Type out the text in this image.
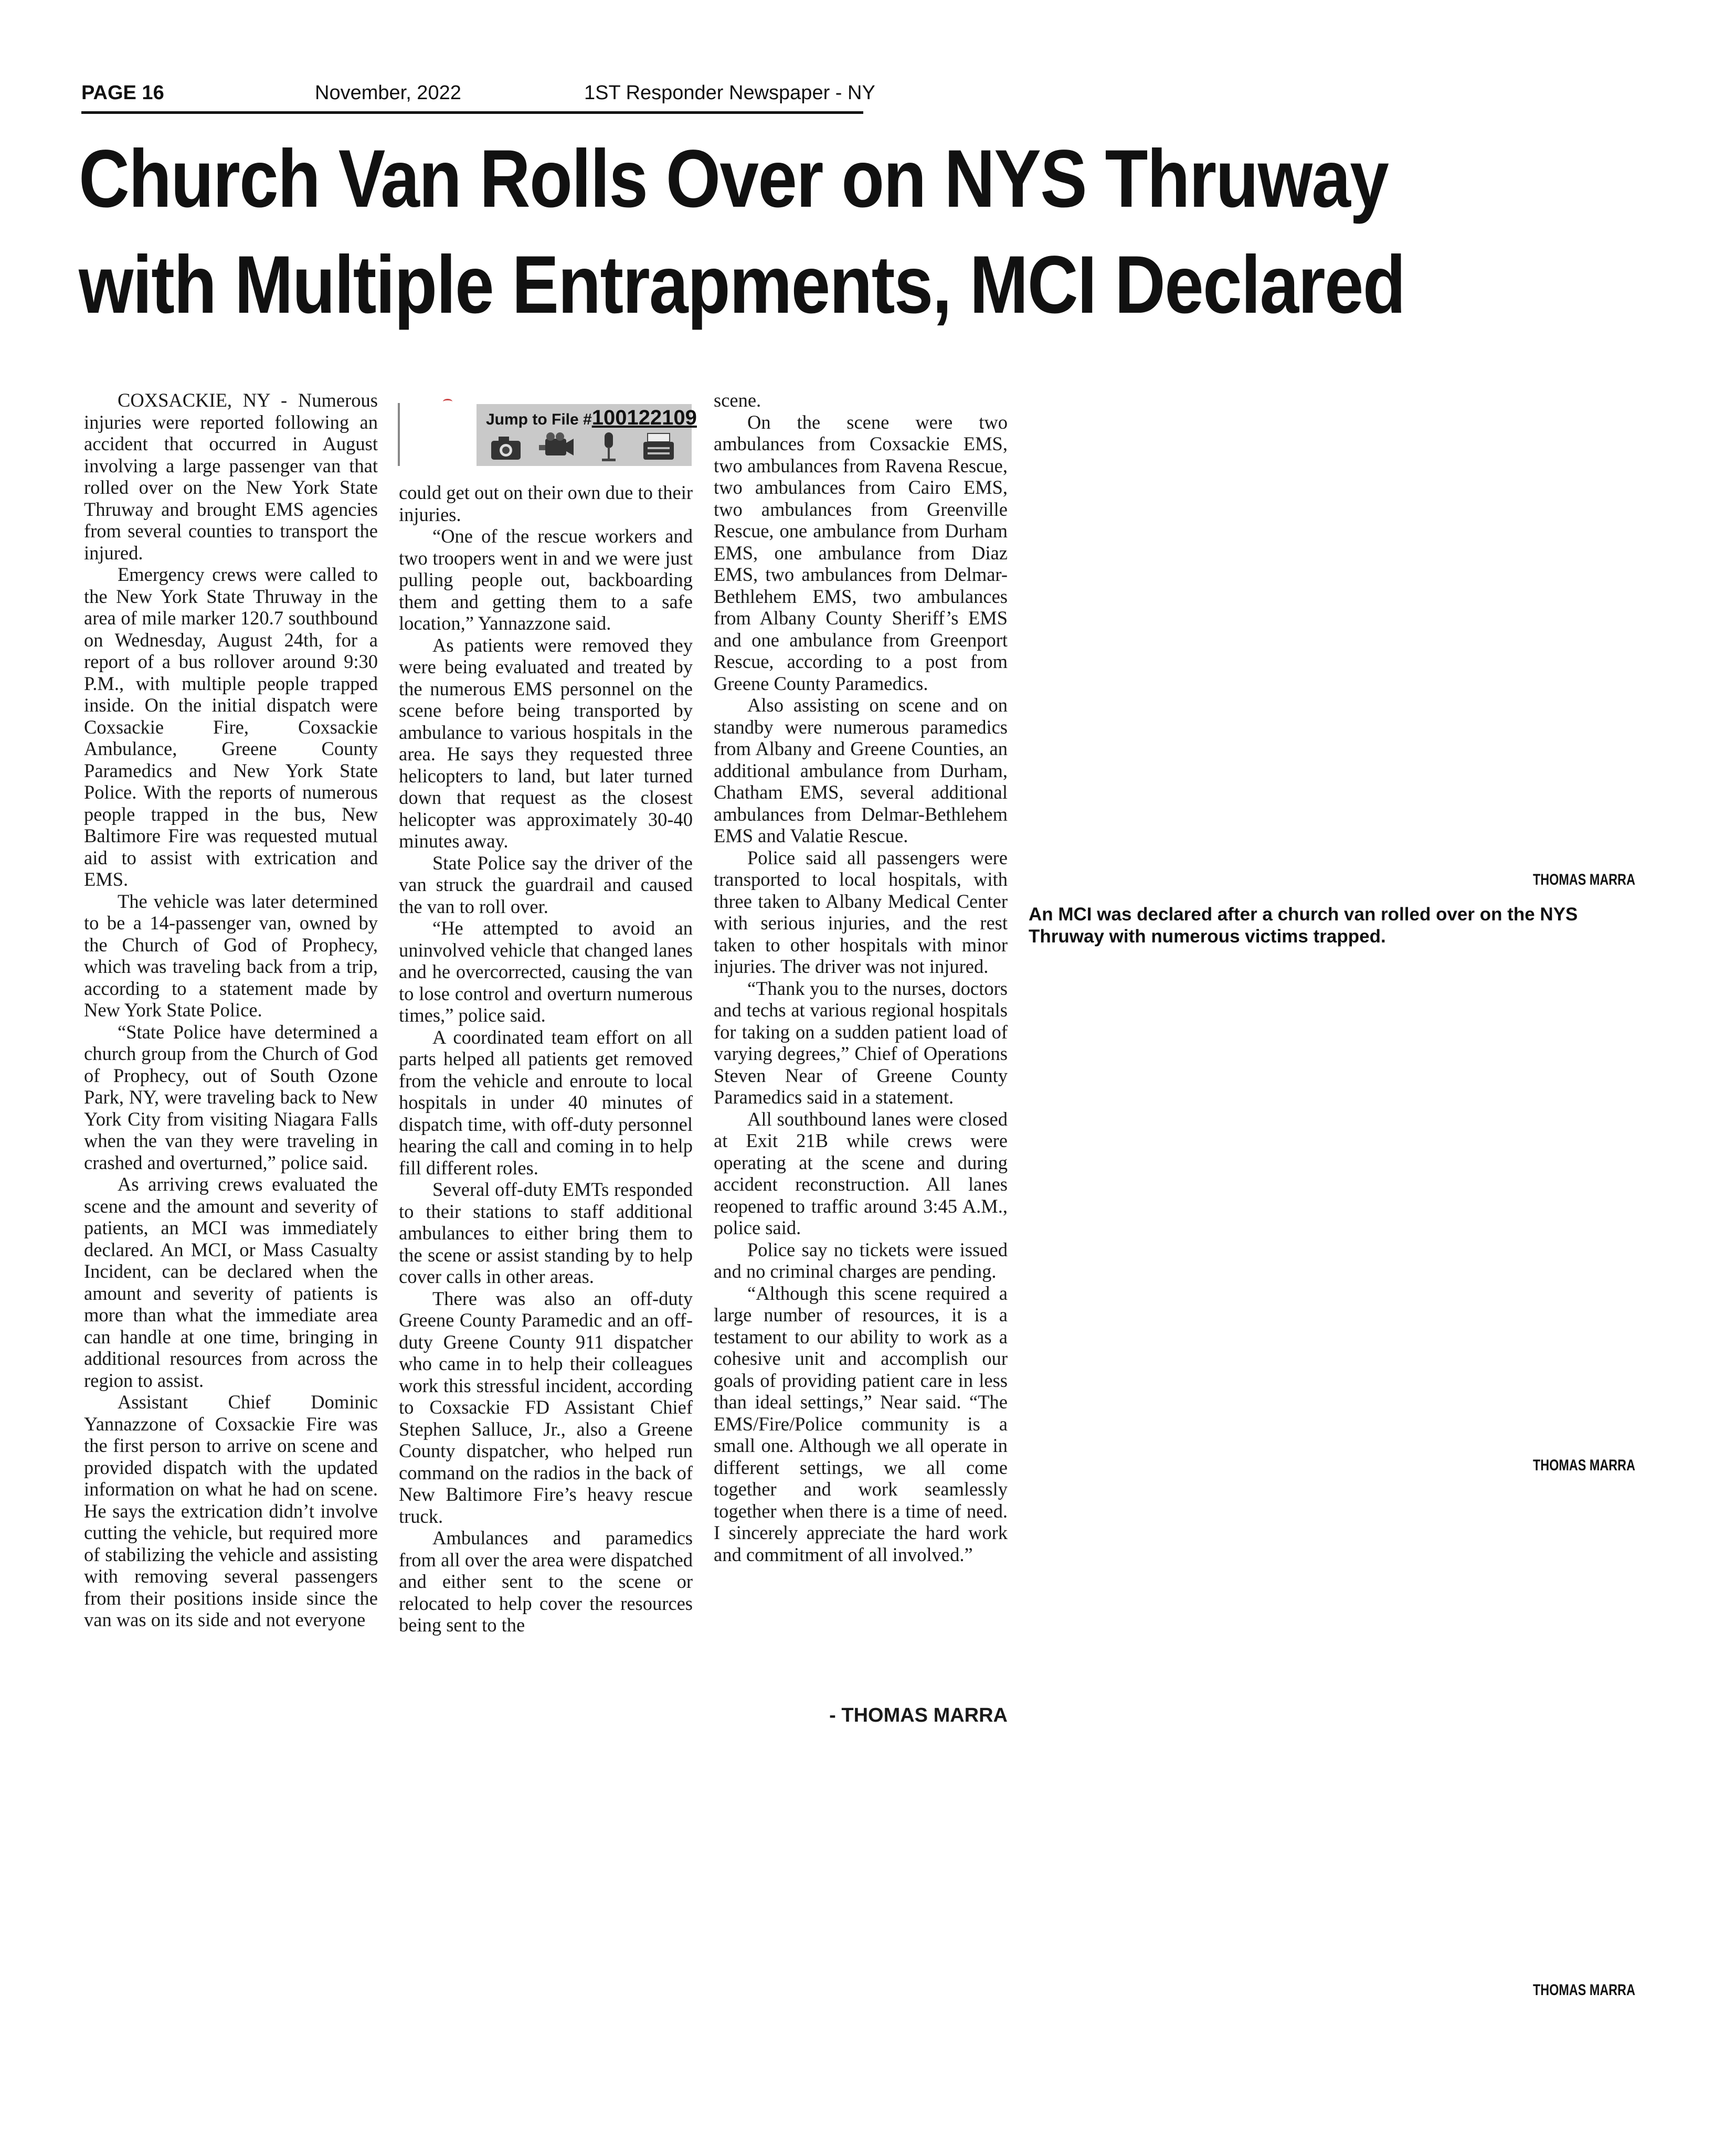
PAGE 16	November, 2022	1ST Responder Newspaper - NY
Church Van Rolls Over on NYS Thruway
with Multiple Entrapments, MCI Declared

COXSACKIE, NY - Numerous injuries were reported following an accident that occurred in August involving a large passenger van that rolled over on the New York State Thruway and brought EMS agencies from several counties to transport the injured.

Emergency crews were called to the New York State Thruway in the area of mile marker 120.7 southbound on Wednesday, August 24th, for a report of a bus rollover around 9:30 P.M., with multiple people trapped inside. On the initial dispatch were Coxsackie Fire, Coxsackie Ambulance, Greene County Paramedics and New York State Police. With the reports of numerous people trapped in the bus, New Baltimore Fire was requested mutual aid to assist with extrication and EMS.

The vehicle was later determined to be a 14-passenger van, owned by the Church of God of Prophecy, which was traveling back from a trip, according to a statement made by New York State Police.

“State Police have determined a church group from the Church of God of Prophecy, out of South Ozone Park, NY, were traveling back to New York City from visiting Niagara Falls when the van they were traveling in crashed and overturned,” police said.

As arriving crews evaluated the scene and the amount and severity of patients, an MCI was immediately declared. An MCI, or Mass Casualty Incident, can be declared when the amount and severity of patients is more than what the immediate area can handle at one time, bringing in additional resources from across the region to assist.

Assistant Chief Dominic Yannazzone of Coxsackie Fire was the first person to arrive on scene and provided dispatch with the updated information on what he had on scene. He says the extrication didn’t involve cutting the vehicle, but required more of stabilizing the vehicle and assisting with removing several passengers from their positions inside since the van was on its side and not everyone

Jump to File #100122109

could get out on their own due to their injuries.

“One of the rescue workers and two troopers went in and we were just pulling people out, backboarding them and getting them to a safe location,” Yannazzone said.

As patients were removed they were being evaluated and treated by the numerous EMS personnel on the scene before being transported by ambulance to various hospitals in the area. He says they requested three helicopters to land, but later turned down that request as the closest helicopter was approximately 30-40 minutes away.

State Police say the driver of the van struck the guardrail and caused the van to roll over.

“He attempted to avoid an uninvolved vehicle that changed lanes and he overcorrected, causing the van to lose control and overturn numerous times,” police said.

A coordinated team effort on all parts helped all patients get removed from the vehicle and enroute to local hospitals in under 40 minutes of dispatch time, with off-duty personnel hearing the call and coming in to help fill different roles.

Several off-duty EMTs responded to their stations to staff additional ambulances to either bring them to the scene or assist standing by to help cover calls in other areas.

There was also an off-duty Greene County Paramedic and an off-duty Greene County 911 dispatcher who came in to help their colleagues work this stressful incident, according to Coxsackie FD Assistant Chief Stephen Salluce, Jr., also a Greene County dispatcher, who helped run command on the radios in the back of New Baltimore Fire’s heavy rescue truck.

Ambulances and paramedics from all over the area were dispatched and either sent to the scene or relocated to help cover the resources being sent to the

scene.

On the scene were two ambulances from Coxsackie EMS, two ambulances from Ravena Rescue, two ambulances from Cairo EMS, two ambulances from Greenville Rescue, one ambulance from Durham EMS, one ambulance from Diaz EMS, two ambulances from Delmar-Bethlehem EMS, two ambulances from Albany County Sheriff’s EMS and one ambulance from Greenport Rescue, according to a post from Greene County Paramedics.

Also assisting on scene and on standby were numerous paramedics from Albany and Greene Counties, an additional ambulance from Durham, Chatham EMS, several additional ambulances from Delmar-Bethlehem EMS and Valatie Rescue.

Police said all passengers were transported to local hospitals, with three taken to Albany Medical Center with serious injuries, and the rest taken to other hospitals with minor injuries. The driver was not injured.

“Thank you to the nurses, doctors and techs at various regional hospitals for taking on a sudden patient load of varying degrees,” Chief of Operations Steven Near of Greene County Paramedics said in a statement.

All southbound lanes were closed at Exit 21B while crews were operating at the scene and during accident reconstruction. All lanes reopened to traffic around 3:45 A.M., police said.

Police say no tickets were issued and no criminal charges are pending.

“Although this scene required a large number of resources, it is a testament to our ability to work as a cohesive unit and accomplish our goals of providing patient care in less than ideal settings,” Near said. “The EMS/Fire/Police community is a small one. Although we all operate in different settings, we all come together and work seamlessly together when there is a time of need. I sincerely appreciate the hard work and commitment of all involved.”

- THOMAS MARRA
THOMAS MARRA
An MCI was declared after a church van rolled over on the NYS Thruway with numerous victims trapped.
THOMAS MARRA
THOMAS MARRA
